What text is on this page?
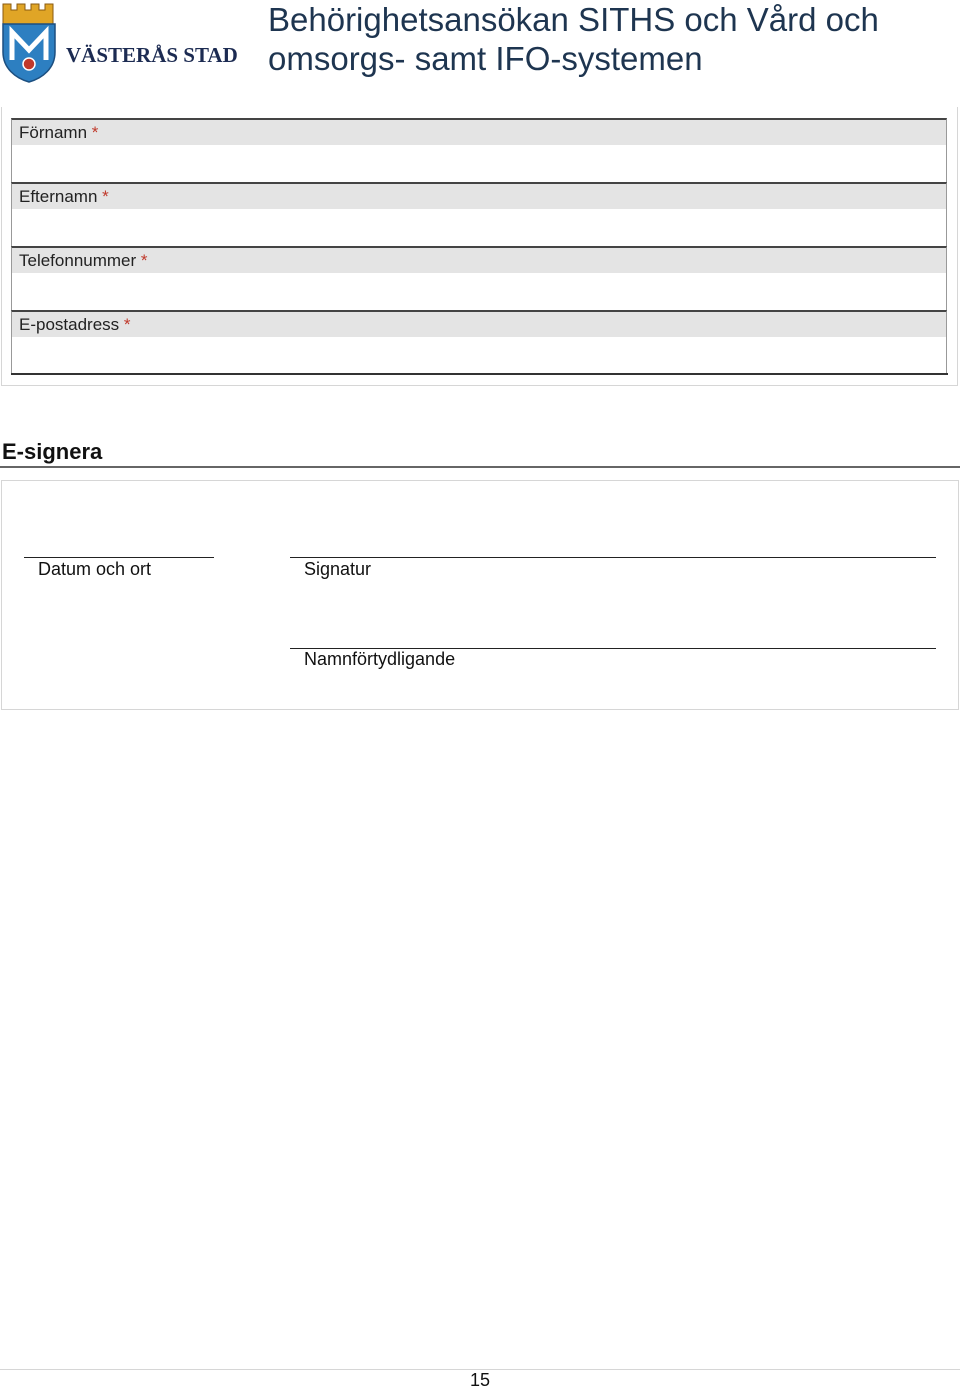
VÄSTERÅS STAD
Behörighetsansökan SITHS och Vård och omsorgs- samt IFO-systemen
Förnamn *
Efternamn *
Telefonnummer *
E-postadress *
E-signera
Datum och ort	Signatur
Namnförtydligande
15
